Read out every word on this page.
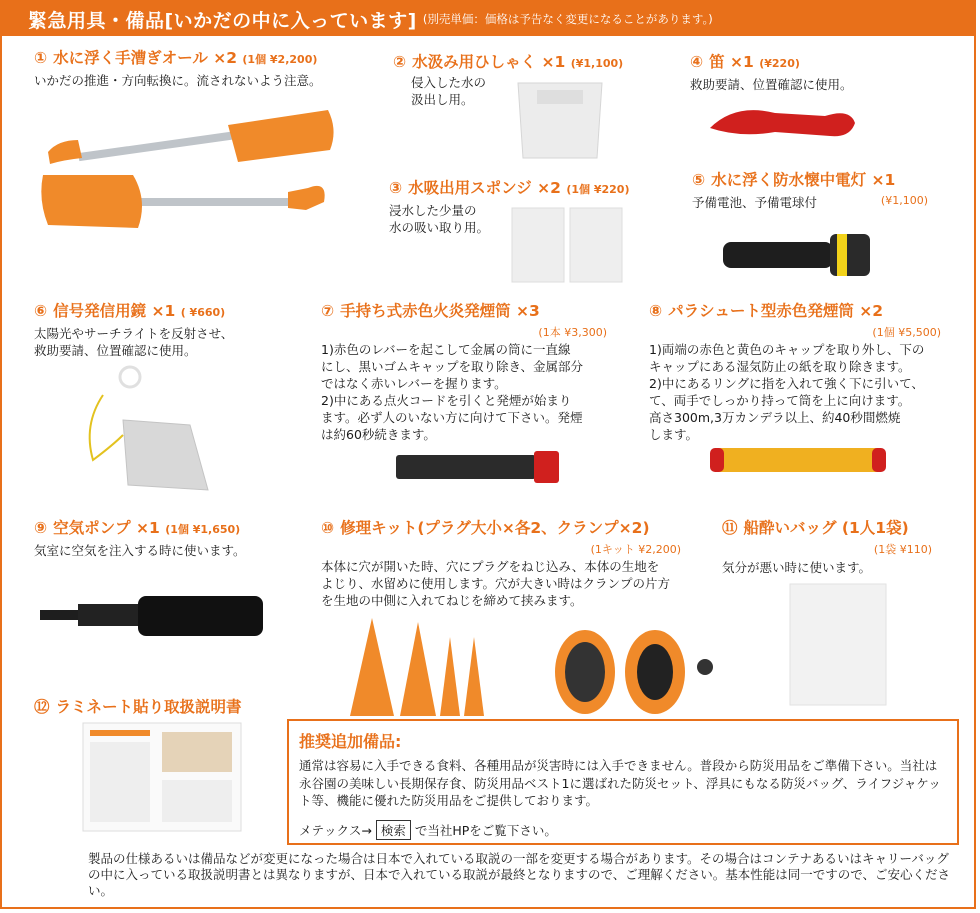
緊急用具・備品[いかだの中に入っています] (別売単価：価格は予告なく変更になることがあります。)
① 水に浮く手漕ぎオール ×2 (1個 ¥2,200)
いかだの推進・方向転換に。流されないよう注意。
② 水汲み用ひしゃく ×1 (¥1,100)
侵入した水の
汲出し用。
③ 水吸出用スポンジ ×2 (1個 ¥220)
浸水した少量の
水の吸い取り用。
④ 笛 ×1 (¥220)
救助要請、位置確認に使用。
⑤ 水に浮く防水懐中電灯 ×1
予備電池、予備電球付	(¥1,100)
⑥ 信号発信用鏡 ×1 ( ¥660)
太陽光やサーチライトを反射させ、
救助要請、位置確認に使用。
⑦ 手持ち式赤色火炎発煙筒 ×3
(1本 ¥3,300)
1)赤色のレバーを起こして金属の筒に一直線
にし、黒いゴムキャップを取り除き、金属部分
ではなく赤いレバーを握ります。
2)中にある点火コードを引くと発煙が始まり
ます。必ず人のいない方に向けて下さい。発煙
は約60秒続きます。
⑧ パラシュート型赤色発煙筒 ×2
(1個 ¥5,500)
1)両端の赤色と黄色のキャップを取り外し、下の
キャップにある湿気防止の紙を取り除きます。
2)中にあるリングに指を入れて強く下に引いて、
て、両手でしっかり持って筒を上に向けます。
高さ300m,3万カンデラ以上、約40秒間燃焼
します。
⑨ 空気ポンプ ×1 (1個 ¥1,650)
気室に空気を注入する時に使います。
⑩ 修理キット(プラグ大小×各2、クランプ×2)
(1キット ¥2,200)
本体に穴が開いた時、穴にプラグをねじ込み、本体の生地を
よじり、水留めに使用します。穴が大きい時はクランプの片方
を生地の中側に入れてねじを締めて挟みます。
⑪ 船酔いバッグ (1人1袋)
(1袋 ¥110)
気分が悪い時に使います。
⑫ ラミネート貼り取扱説明書
推奨追加備品:
通常は容易に入手できる食料、各種用品が災害時には入手できません。普段から防災用品をご準備下さい。当社は永谷園の美味しい長期保存食、防災用品ベスト1に選ばれた防災セット、浮具にもなる防災バッグ、ライフジャケット等、機能に優れた防災用品をご提供しております。
メテックス→ 検索 で当社HPをご覧下さい。
製品の仕様あるいは備品などが変更になった場合は日本で入れている取説の一部を変更する場合があります。その場合はコンテナあるいはキャリーバッグの中に入っている取扱説明書とは異なりますが、日本で入れている取説が最終となりますので、ご理解ください。基本性能は同一ですので、ご安心ください。
